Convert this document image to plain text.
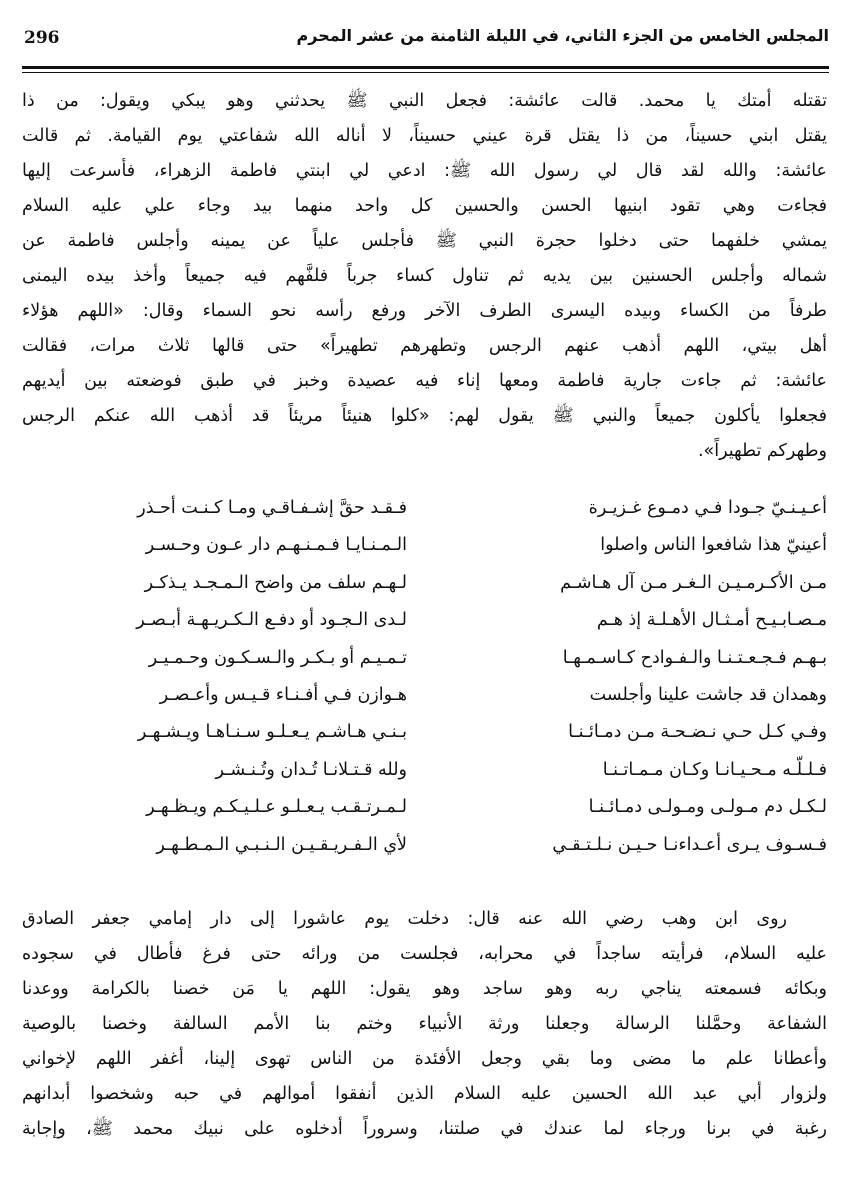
296	المجلس الخامس من الجزء الثاني، في الليلة الثامنة من عشر المحرم
تقتله أمتك يا محمد. قالت عائشة: فجعل النبي ﷺ يحدثني وهو يبكي ويقول: من ذا
يقتل ابني حسيناً، من ذا يقتل قرة عيني حسيناً، لا أناله الله شفاعتي يوم القيامة. ثم قالت
عائشة: والله لقد قال لي رسول الله ﷺ: ادعي لي ابنتي فاطمة الزهراء، فأسرعت إليها
فجاءت وهي تقود ابنيها الحسن والحسين كل واحد منهما بيد وجاء علي عليه السلام
يمشي خلفهما حتى دخلوا حجرة النبي ﷺ فأجلس علياً عن يمينه وأجلس فاطمة عن
شماله وأجلس الحسنين بين يديه ثم تناول كساء جرباً فلفَّهم فيه جميعاً وأخذ بيده اليمنى
طرفاً من الكساء وبيده اليسرى الطرف الآخر ورفع رأسه نحو السماء وقال: «اللهم هؤلاء
أهل بيتي، اللهم أذهب عنهم الرجس وتطهرهم تطهيراً» حتى قالها ثلاث مرات، فقالت
عائشة: ثم جاءت جارية فاطمة ومعها إناء فيه عصيدة وخبز في طبق فوضعته بين أيديهم
فجعلوا يأكلون جميعاً والنبي ﷺ يقول لهم: «كلوا هنيئاً مريئاً قد أذهب الله عنكم الرجس
وطهركم تطهيراً».
أعـيـنـيّ جـودا فـي دمـوع غـزيـرة
فـقـد حقَّ إشـفـاقـي ومـا كـنـت أحـذر
أعينيّ هذا شافعوا الناس واصلوا
الـمـنـايـا فـمـنـهـم دار عـون وحـسـر
مـن الأكـرمـيـن الـغـر مـن آل هـاشـم
لـهـم سلف من واضح الـمـجـد يـذكـر
مـصـابـيـح أمـثـال الأهـلـة إذ هـم
لـدى الـجـود أو دفـع الـكـريـهـة أبـصـر
بـهـم فـجـعـتـنـا والـفـوادح كـاسـمـهـا
تـمـيـم أو بـكـر والـسـكـون وحـمـيـر
وهمدان قد جاشت علينا وأجلست
هـوازن فـي أفـنـاء قـيـس وأعـصـر
وفـي كـل حـي نـضـحـة مـن دمـائـنـا
بـنـي هـاشـم يـعـلـو سـنـاهـا ويـشـهـر
فـلـلّـه مـحـيـانـا وكـان مـمـاتـنـا
ولله قـتـلانـا تُـدان وتُـنـشـر
لـكـل دم مـولـى ومـولـى دمـائـنـا
لـمـرتـقـب يـعـلـو عـلـيـكـم ويـظـهـر
فـسـوف يـرى أعـداءنـا حـيـن نـلـتـقـي
لأي الـفـريـقـيـن الـنـبـي الـمـطـهـر
روى ابن وهب رضي الله عنه قال: دخلت يوم عاشورا إلى دار إمامي جعفر الصادق
عليه السلام، فرأيته ساجداً في محرابه، فجلست من ورائه حتى فرغ فأطال في سجوده
وبكائه فسمعته يناجي ربه وهو ساجد وهو يقول: اللهم يا مَن خصنا بالكرامة ووعدنا
الشفاعة وحمَّلنا الرسالة وجعلنا ورثة الأنبياء وختم بنا الأمم السالفة وخصنا بالوصية
وأعطانا علم ما مضى وما بقي وجعل الأفئدة من الناس تهوى إلينا، أغفر اللهم لإخواني
ولزوار أبي عبد الله الحسين عليه السلام الذين أنفقوا أموالهم في حبه وشخصوا أبدانهم
رغبة في برنا ورجاء لما عندك في صلتنا، وسروراً أدخلوه على نبيك محمد ﷺ، وإجابة
